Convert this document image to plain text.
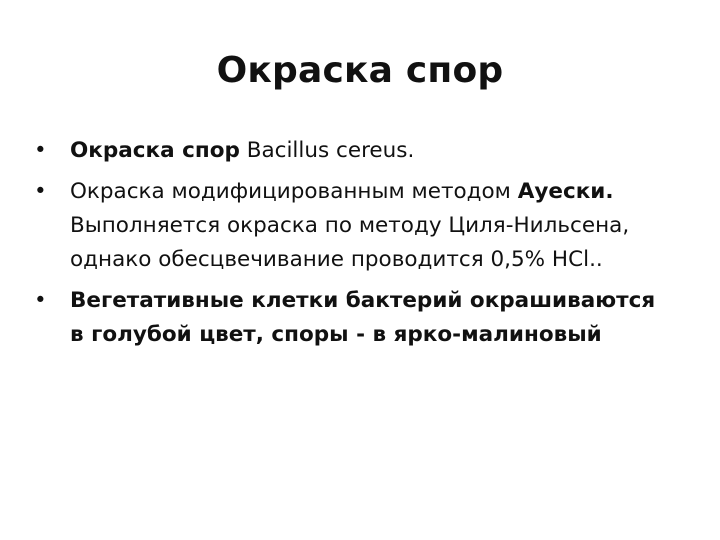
Окраска спор
•	Окраска спор Bacillus cereus.
•	Окраска модифицированным методом Ауески. Выполняется окраска по методу Циля-Нильсена, однако обесцвечивание проводится 0,5% HCl..
•	Вегетативные клетки бактерий окрашиваются в голубой цвет, споры - в ярко-малиновый
